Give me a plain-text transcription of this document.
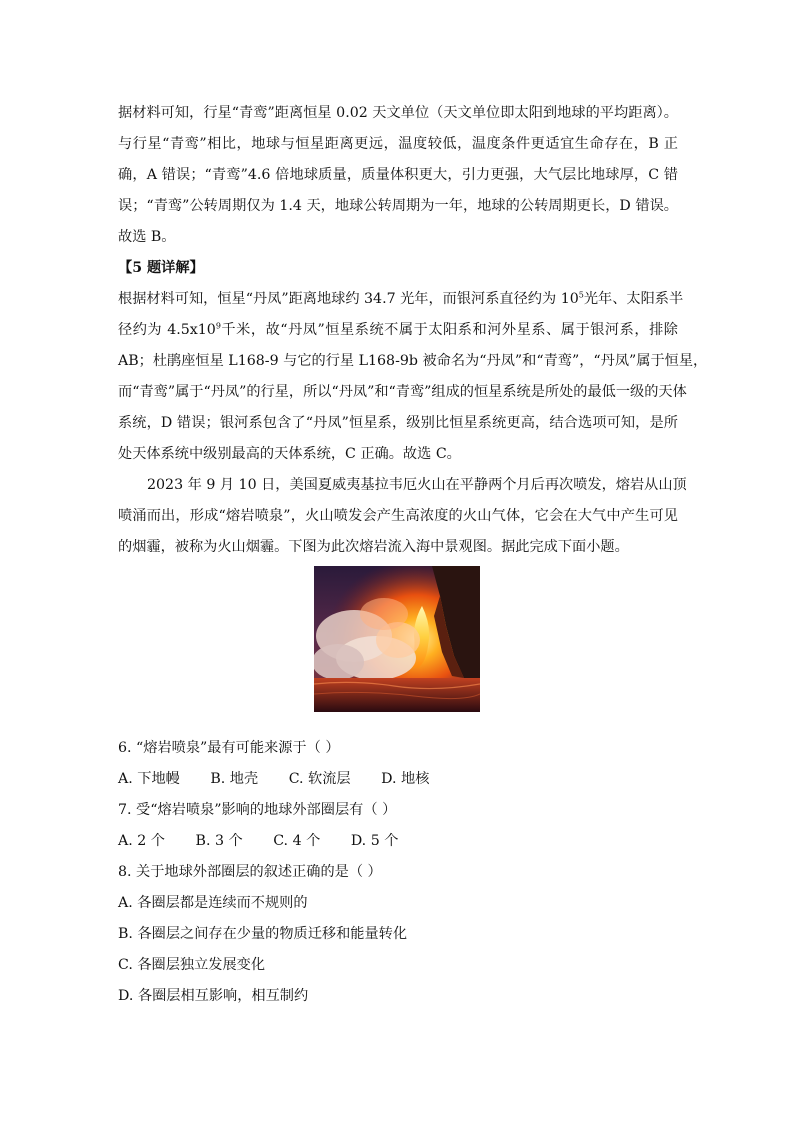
据材料可知，行星“青鸾”距离恒星 0.02 天文单位（天文单位即太阳到地球的平均距离）。
与行星“青鸾”相比，地球与恒星距离更远，温度较低，温度条件更适宜生命存在，B 正
确，A 错误；“青鸾”4.6 倍地球质量，质量体积更大，引力更强，大气层比地球厚，C 错
误；“青鸾”公转周期仅为 1.4 天，地球公转周期为一年，地球的公转周期更长，D 错误。
故选 B。
【5 题详解】
根据材料可知，恒星“丹凤”距离地球约 34.7 光年，而银河系直径约为 $10^5$光年、太阳系半
径约为 $4.5x10^9$千米，故“丹凤”恒星系统不属于太阳系和河外星系、属于银河系，排除
AB；杜鹃座恒星 L168-9 与它的行星 L168-9b 被命名为“丹凤”和“青鸾”，“丹凤”属于恒星，
而“青鸾”属于“丹凤”的行星，所以“丹凤”和“青鸾”组成的恒星系统是所处的最低一级的天体
系统，D 错误；银河系包含了“丹凤”恒星系，级别比恒星系统更高，结合选项可知，是所
处天体系统中级别最高的天体系统，C 正确。故选 C。
2023 年 9 月 10 日，美国夏威夷基拉韦厄火山在平静两个月后再次喷发，熔岩从山顶
喷涌而出，形成“熔岩喷泉”，火山喷发会产生高浓度的火山气体，它会在大气中产生可见
的烟霾，被称为火山烟霾。下图为此次熔岩流入海中景观图。据此完成下面小题。
6. “熔岩喷泉”最有可能来源于（ ）
A. 下地幔 B. 地壳 C. 软流层 D. 地核
7. 受“熔岩喷泉”影响的地球外部圈层有（ ）
A. 2 个 B. 3 个 C. 4 个 D. 5 个
8. 关于地球外部圈层的叙述正确的是（ ）
A. 各圈层都是连续而不规则的
B. 各圈层之间存在少量的物质迁移和能量转化
C. 各圈层独立发展变化
D. 各圈层相互影响，相互制约
